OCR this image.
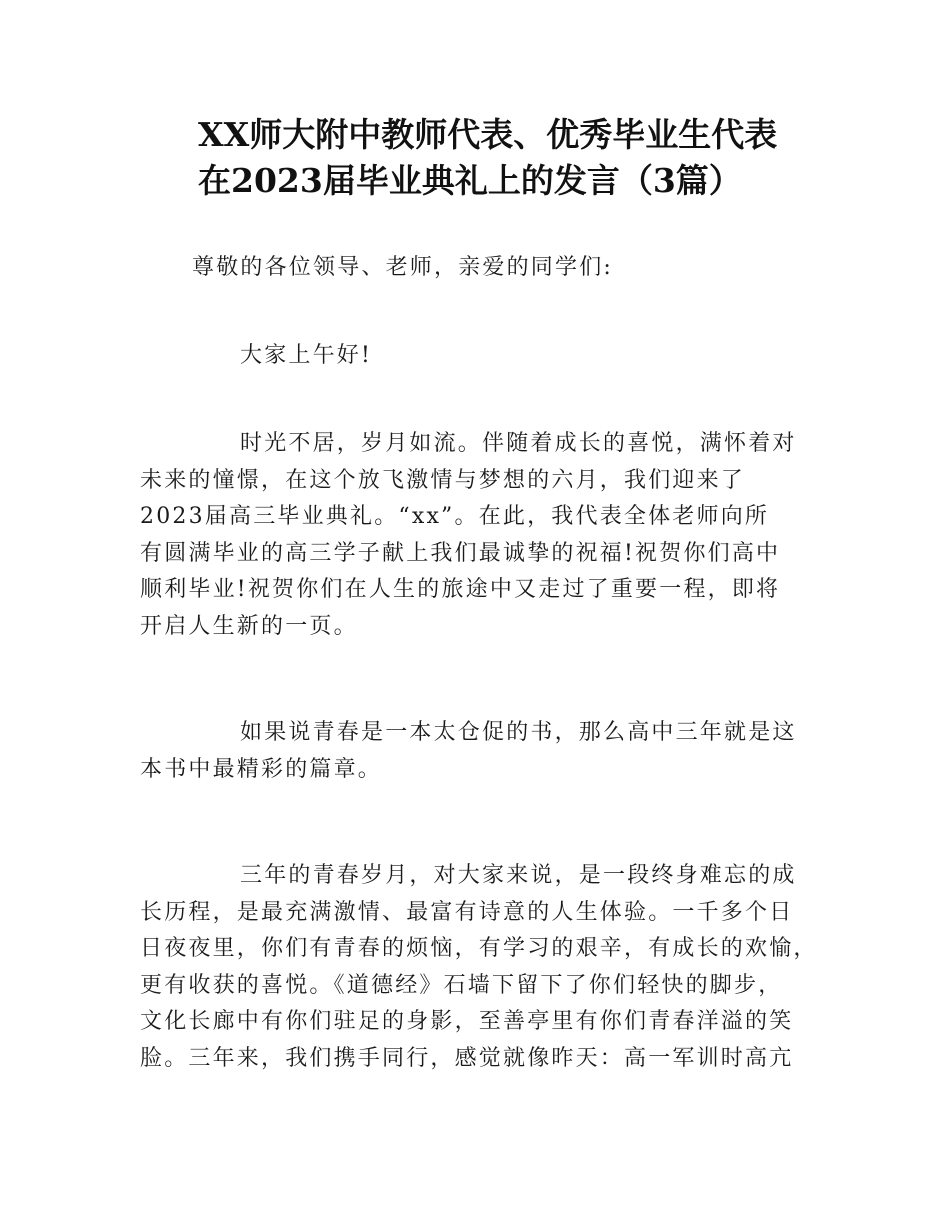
XX师大附中教师代表、优秀毕业生代表
在2023届毕业典礼上的发言（3篇）
尊敬的各位领导、老师，亲爱的同学们:
大家上午好!
时光不居，岁月如流。伴随着成长的喜悦，满怀着对
未来的憧憬，在这个放飞激情与梦想的六月，我们迎来了
2023届高三毕业典礼。“xx”。在此，我代表全体老师向所
有圆满毕业的高三学子献上我们最诚挚的祝福!祝贺你们高中
顺利毕业!祝贺你们在人生的旅途中又走过了重要一程，即将
开启人生新的一页。
如果说青春是一本太仓促的书，那么高中三年就是这
本书中最精彩的篇章。
三年的青春岁月，对大家来说，是一段终身难忘的成
长历程，是最充满激情、最富有诗意的人生体验。一千多个日
日夜夜里，你们有青春的烦恼，有学习的艰辛，有成长的欢愉，
更有收获的喜悦。《道德经》石墙下留下了你们轻快的脚步，
文化长廊中有你们驻足的身影，至善亭里有你们青春洋溢的笑
脸。三年来，我们携手同行，感觉就像昨天：高一军训时高亢
